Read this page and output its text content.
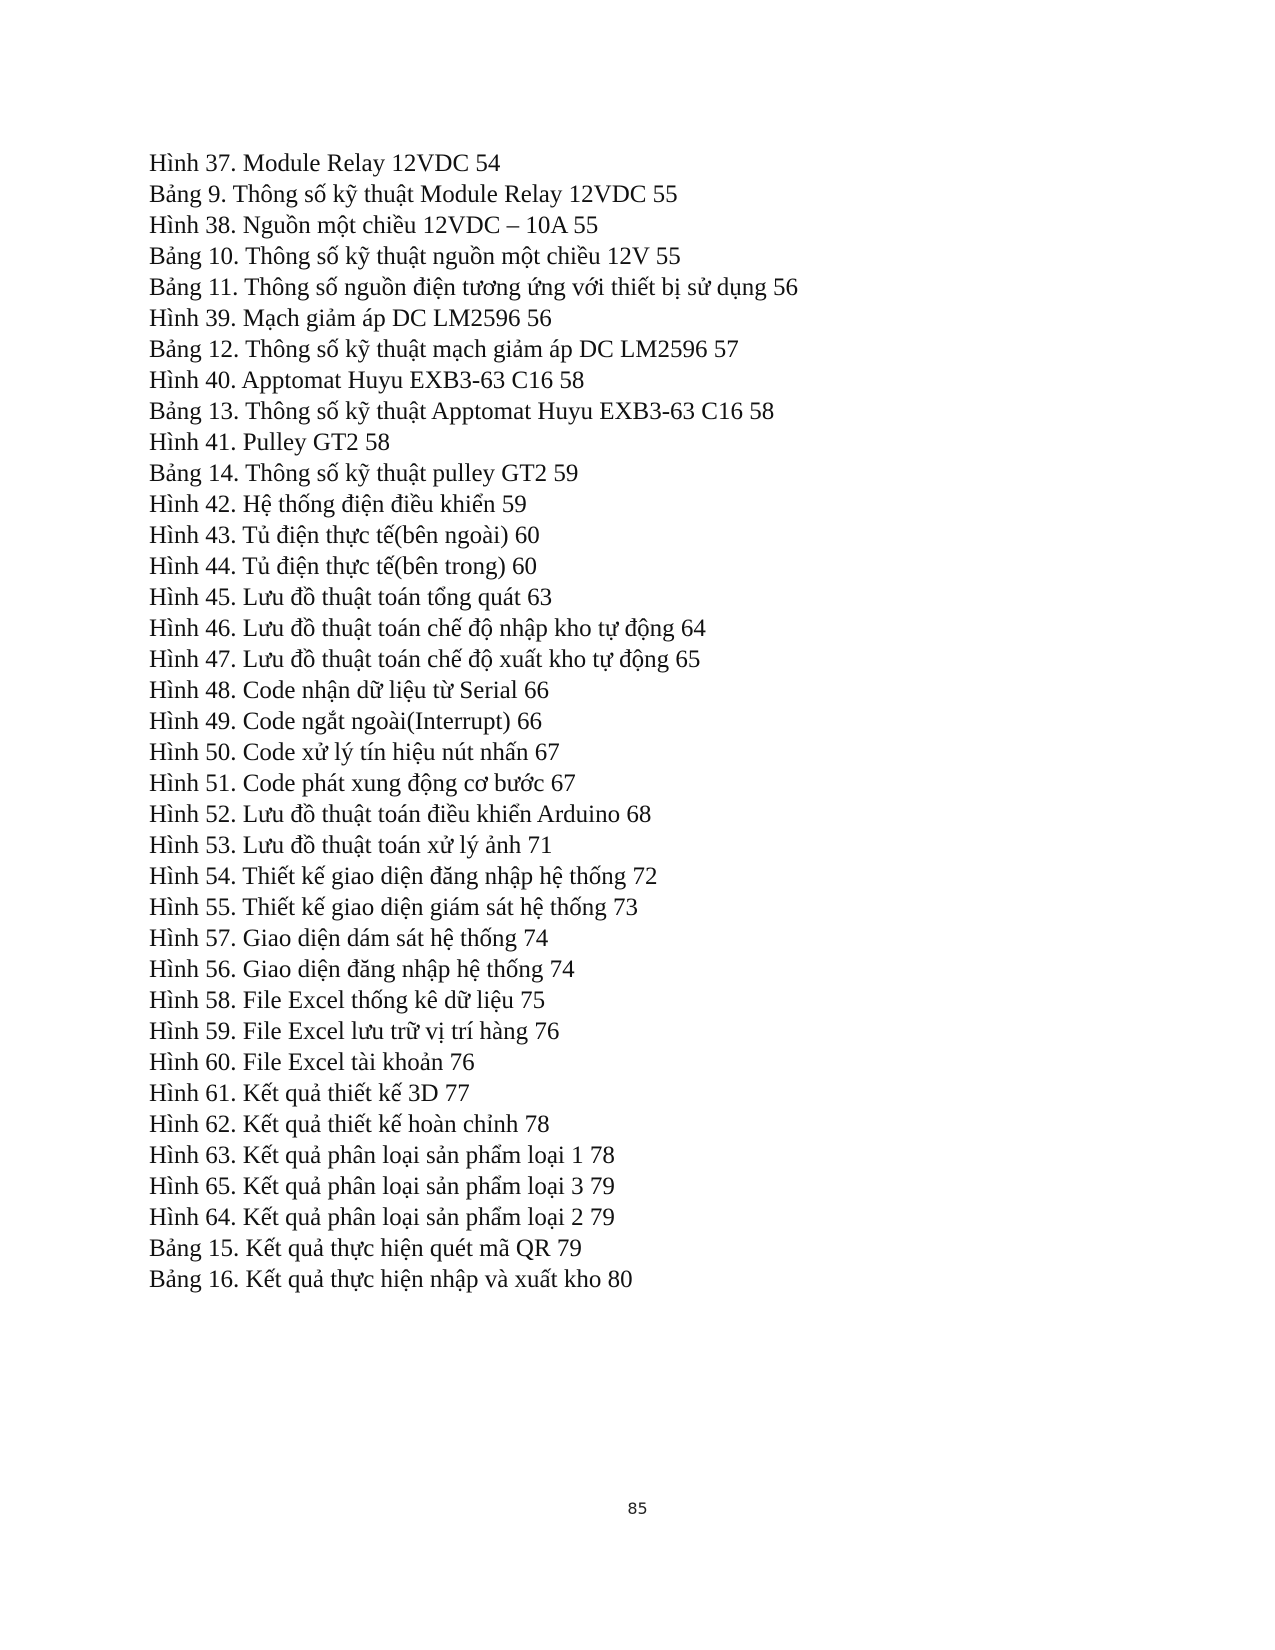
Hình 37. Module Relay 12VDC 54
Bảng 9. Thông số kỹ thuật Module Relay 12VDC 55
Hình 38. Nguồn một chiều 12VDC – 10A 55
Bảng 10. Thông số kỹ thuật nguồn một chiều 12V 55
Bảng 11. Thông số nguồn điện tương ứng với thiết bị sử dụng 56
Hình 39. Mạch giảm áp DC LM2596 56
Bảng 12. Thông số kỹ thuật mạch giảm áp DC LM2596 57
Hình 40. Apptomat Huyu EXB3-63 C16 58
Bảng 13. Thông số kỹ thuật Apptomat Huyu EXB3-63 C16 58
Hình 41. Pulley GT2 58
Bảng 14. Thông số kỹ thuật pulley GT2 59
Hình 42. Hệ thống điện điều khiển 59
Hình 43. Tủ điện thực tế(bên ngoài) 60
Hình 44. Tủ điện thực tế(bên trong) 60
Hình 45. Lưu đồ thuật toán tổng quát 63
Hình 46. Lưu đồ thuật toán chế độ nhập kho tự động 64
Hình 47. Lưu đồ thuật toán chế độ xuất kho tự động 65
Hình 48. Code nhận dữ liệu từ Serial 66
Hình 49. Code ngắt ngoài(Interrupt) 66
Hình 50. Code xử lý tín hiệu nút nhấn 67
Hình 51. Code phát xung động cơ bước 67
Hình 52. Lưu đồ thuật toán điều khiển Arduino 68
Hình 53. Lưu đồ thuật toán xử lý ảnh 71
Hình 54. Thiết kế giao diện đăng nhập hệ thống 72
Hình 55. Thiết kế giao diện giám sát hệ thống 73
Hình 57. Giao diện dám sát hệ thống 74
Hình 56. Giao diện đăng nhập hệ thống 74
Hình 58. File Excel thống kê dữ liệu 75
Hình 59. File Excel lưu trữ vị trí hàng 76
Hình 60. File Excel tài khoản 76
Hình 61. Kết quả thiết kế 3D 77
Hình 62. Kết quả thiết kế hoàn chỉnh 78
Hình 63. Kết quả phân loại sản phẩm loại 1 78
Hình 65. Kết quả phân loại sản phẩm loại 3 79
Hình 64. Kết quả phân loại sản phẩm loại 2 79
Bảng 15. Kết quả thực hiện quét mã QR 79
Bảng 16. Kết quả thực hiện nhập và xuất kho 80
85
